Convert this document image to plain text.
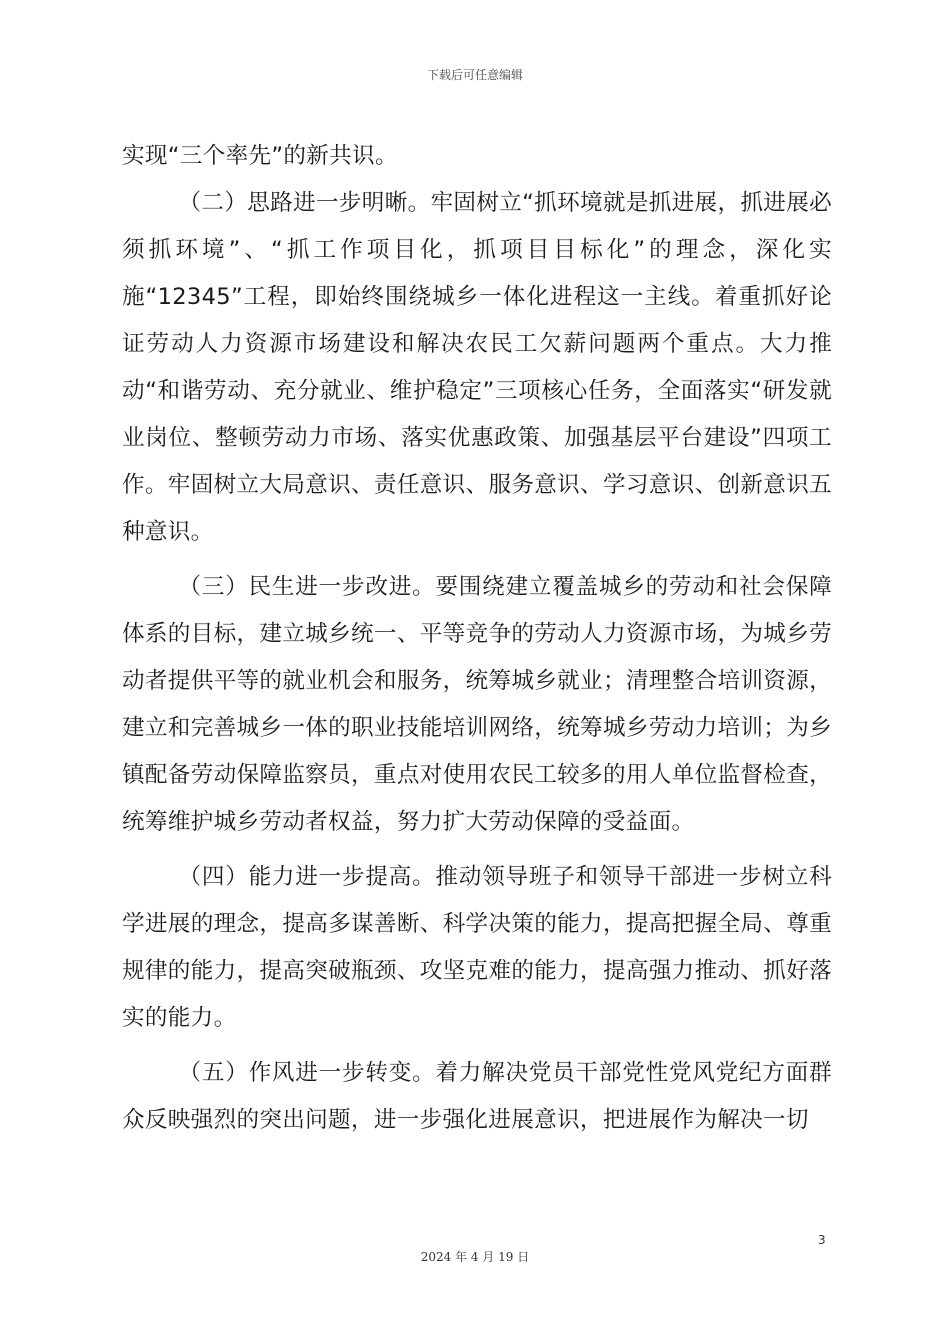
下载后可任意编辑

实现“三个率先”的新共识。

（二）思路进一步明晰。牢固树立“抓环境就是抓进展，抓进展必须抓环境”、“抓工作项目化，抓项目目标化”的理念，深化实施“12345”工程，即始终围绕城乡一体化进程这一主线。着重抓好论证劳动人力资源市场建设和解决农民工欠薪问题两个重点。大力推动“和谐劳动、充分就业、维护稳定”三项核心任务，全面落实“研发就业岗位、整顿劳动力市场、落实优惠政策、加强基层平台建设”四项工作。牢固树立大局意识、责任意识、服务意识、学习意识、创新意识五种意识。

（三）民生进一步改进。要围绕建立覆盖城乡的劳动和社会保障体系的目标，建立城乡统一、平等竞争的劳动人力资源市场，为城乡劳动者提供平等的就业机会和服务，统筹城乡就业；清理整合培训资源，建立和完善城乡一体的职业技能培训网络，统筹城乡劳动力培训；为乡镇配备劳动保障监察员，重点对使用农民工较多的用人单位监督检查，统筹维护城乡劳动者权益，努力扩大劳动保障的受益面。

（四）能力进一步提高。推动领导班子和领导干部进一步树立科学进展的理念，提高多谋善断、科学决策的能力，提高把握全局、尊重规律的能力，提高突破瓶颈、攻坚克难的能力，提高强力推动、抓好落实的能力。

（五）作风进一步转变。着力解决党员干部党性党风党纪方面群众反映强烈的突出问题，进一步强化进展意识，把进展作为解决一切

3
2024 年 4 月 19 日
